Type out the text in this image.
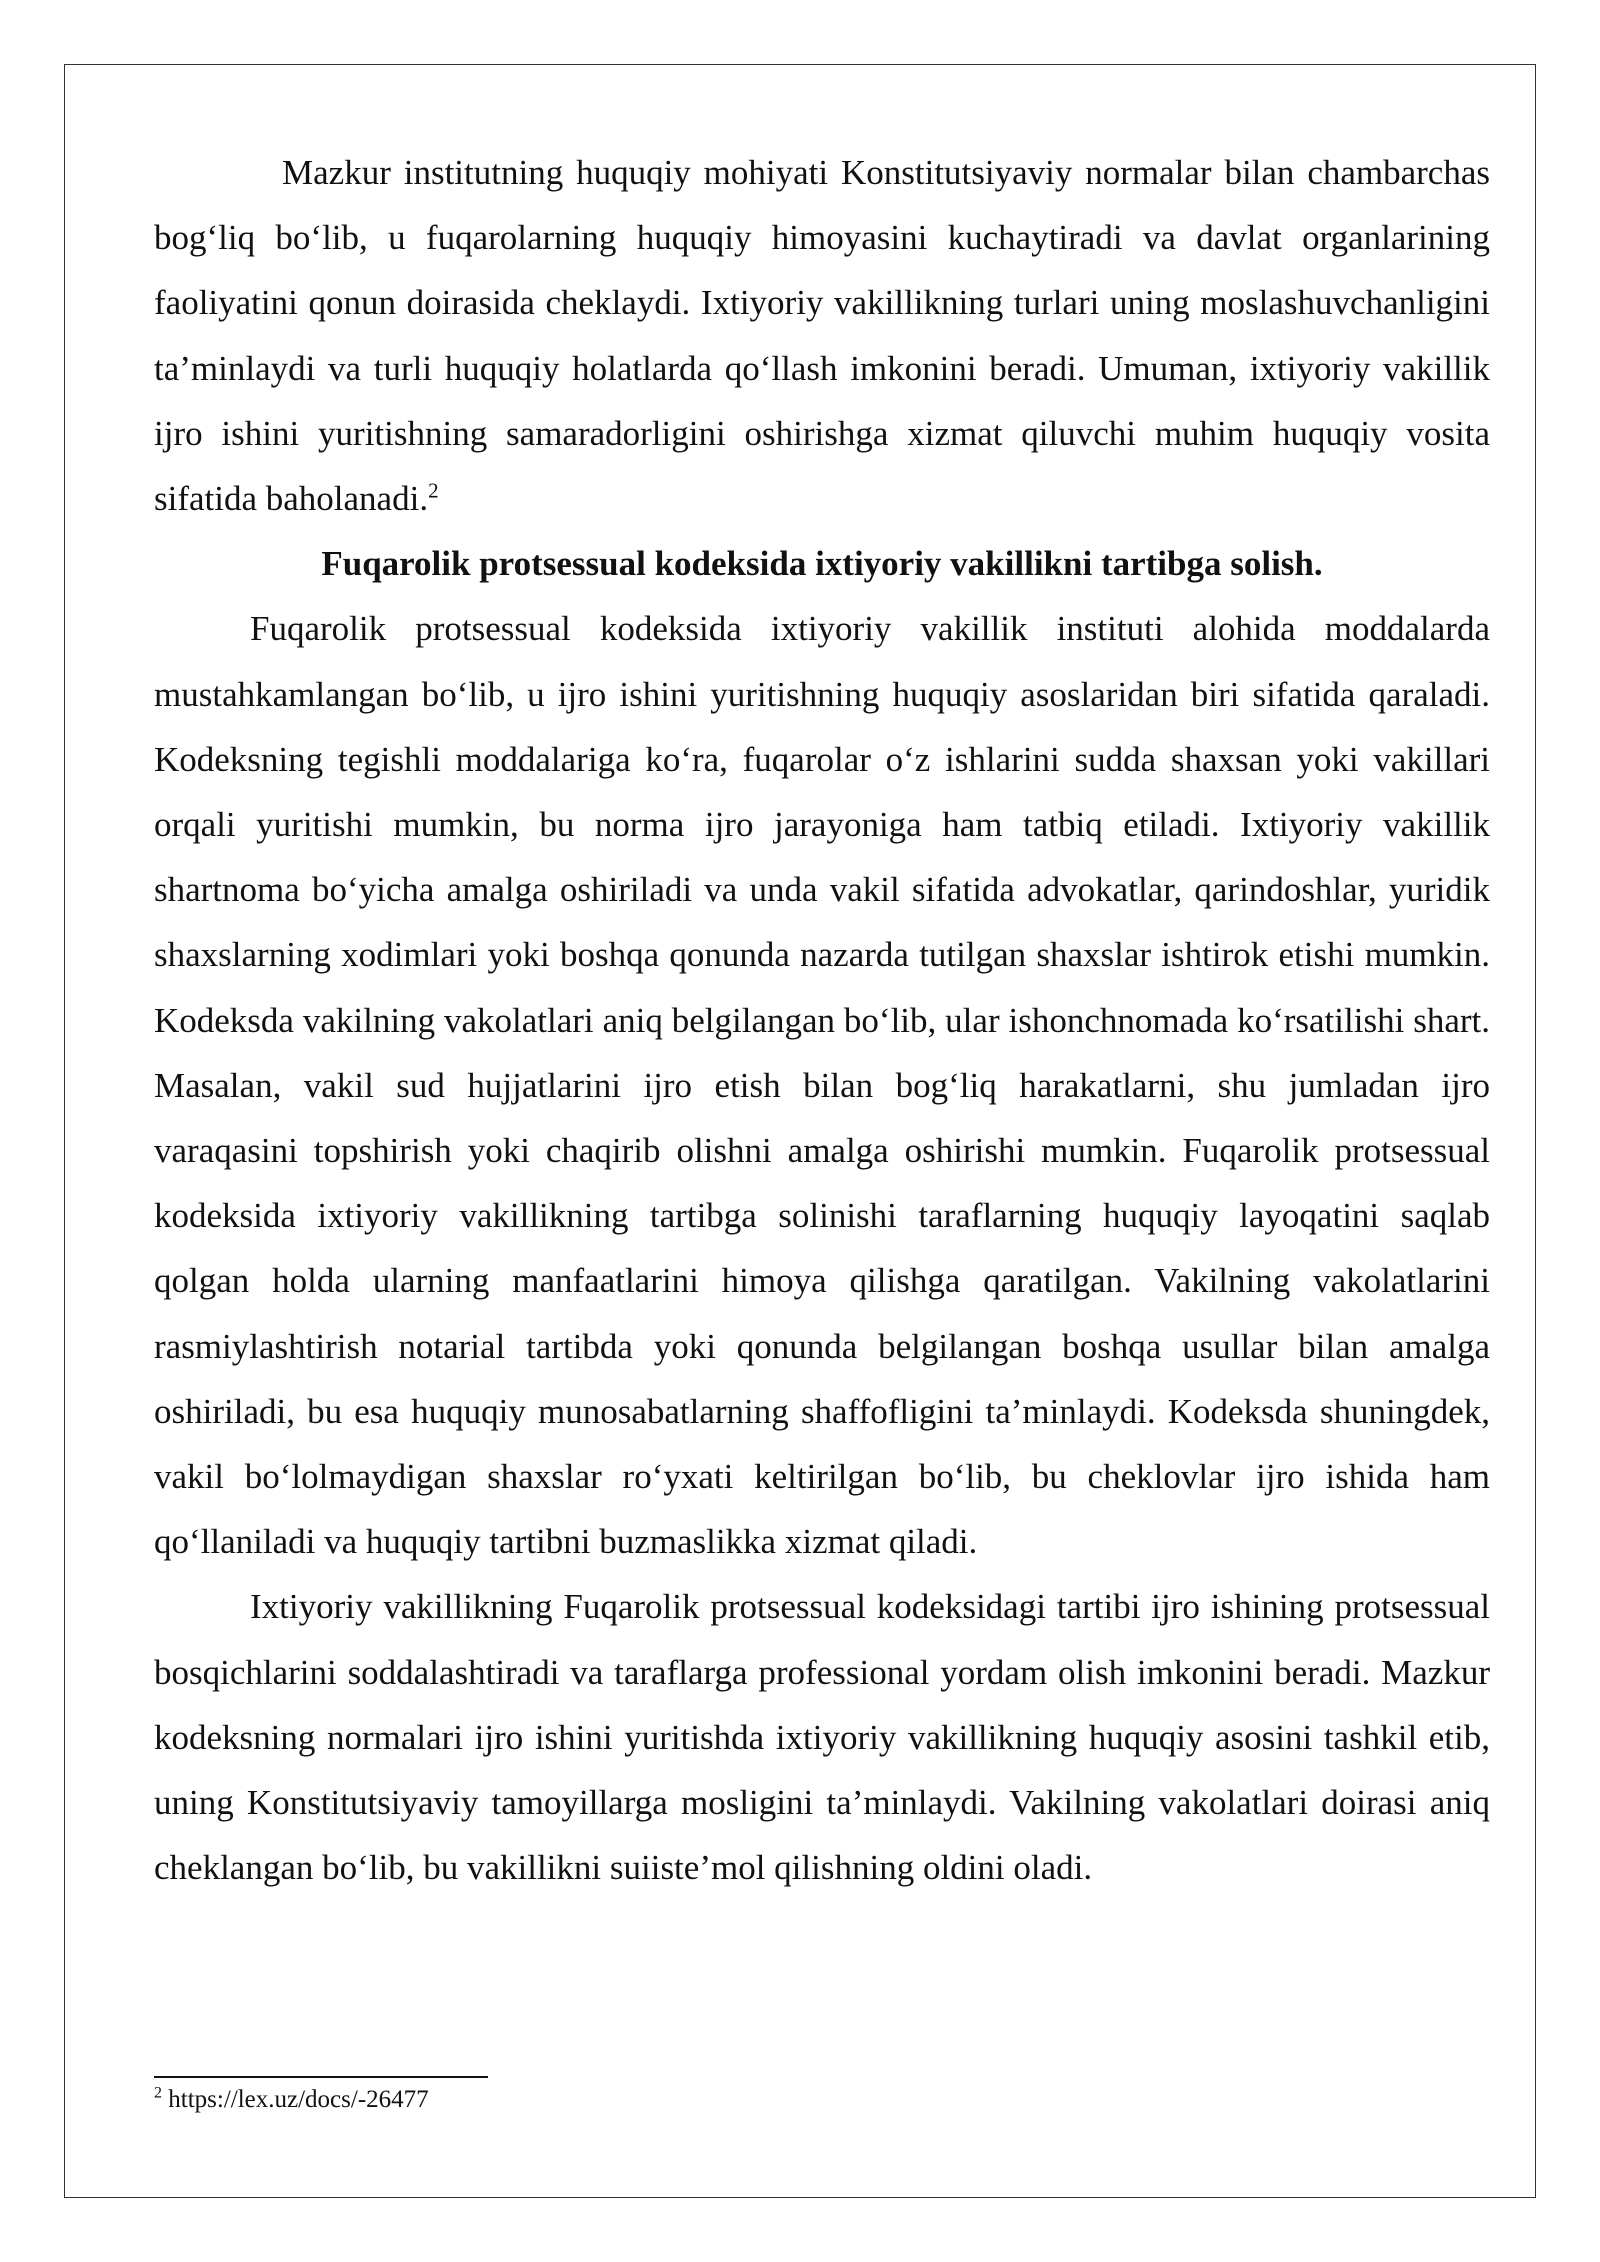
Mazkur institutning huquqiy mohiyati Konstitutsiyaviy normalar bilan chambarchas bog‘liq bo‘lib, u fuqarolarning huquqiy himoyasini kuchaytiradi va davlat organlarining faoliyatini qonun doirasida cheklaydi. Ixtiyoriy vakillikning turlari uning moslashuvchanligini ta’minlaydi va turli huquqiy holatlarda qo‘llash imkonini beradi. Umuman, ixtiyoriy vakillik ijro ishini yuritishning samaradorligini oshirishga xizmat qiluvchi muhim huquqiy vosita sifatida baholanadi.$^2$

Fuqarolik protsessual kodeksida ixtiyoriy vakillikni tartibga solish.

Fuqarolik protsessual kodeksida ixtiyoriy vakillik instituti alohida moddalarda mustahkamlangan bo‘lib, u ijro ishini yuritishning huquqiy asoslaridan biri sifatida qaraladi. Kodeksning tegishli moddalariga ko‘ra, fuqarolar o‘z ishlarini sudda shaxsan yoki vakillari orqali yuritishi mumkin, bu norma ijro jarayoniga ham tatbiq etiladi. Ixtiyoriy vakillik shartnoma bo‘yicha amalga oshiriladi va unda vakil sifatida advokatlar, qarindoshlar, yuridik shaxslarning xodimlari yoki boshqa qonunda nazarda tutilgan shaxslar ishtirok etishi mumkin. Kodeksda vakilning vakolatlari aniq belgilangan bo‘lib, ular ishonchnomada ko‘rsatilishi shart. Masalan, vakil sud hujjatlarini ijro etish bilan bog‘liq harakatlarni, shu jumladan ijro varaqasini topshirish yoki chaqirib olishni amalga oshirishi mumkin. Fuqarolik protsessual kodeksida ixtiyoriy vakillikning tartibga solinishi taraflarning huquqiy layoqatini saqlab qolgan holda ularning manfaatlarini himoya qilishga qaratilgan. Vakilning vakolatlarini rasmiylashtirish notarial tartibda yoki qonunda belgilangan boshqa usullar bilan amalga oshiriladi, bu esa huquqiy munosabatlarning shaffofligini ta’minlaydi. Kodeksda shuningdek, vakil bo‘lolmaydigan shaxslar ro‘yxati keltirilgan bo‘lib, bu cheklovlar ijro ishida ham qo‘llaniladi va huquqiy tartibni buzmaslikka xizmat qiladi.

Ixtiyoriy vakillikning Fuqarolik protsessual kodeksidagi tartibi ijro ishining protsessual bosqichlarini soddalashtiradi va taraflarga professional yordam olish imkonini beradi. Mazkur kodeksning normalari ijro ishini yuritishda ixtiyoriy vakillikning huquqiy asosini tashkil etib, uning Konstitutsiyaviy tamoyillarga mosligini ta’minlaydi. Vakilning vakolatlari doirasi aniq cheklangan bo‘lib, bu vakillikni suiiste’mol qilishning oldini oladi.

$^2$ https://lex.uz/docs/-26477
